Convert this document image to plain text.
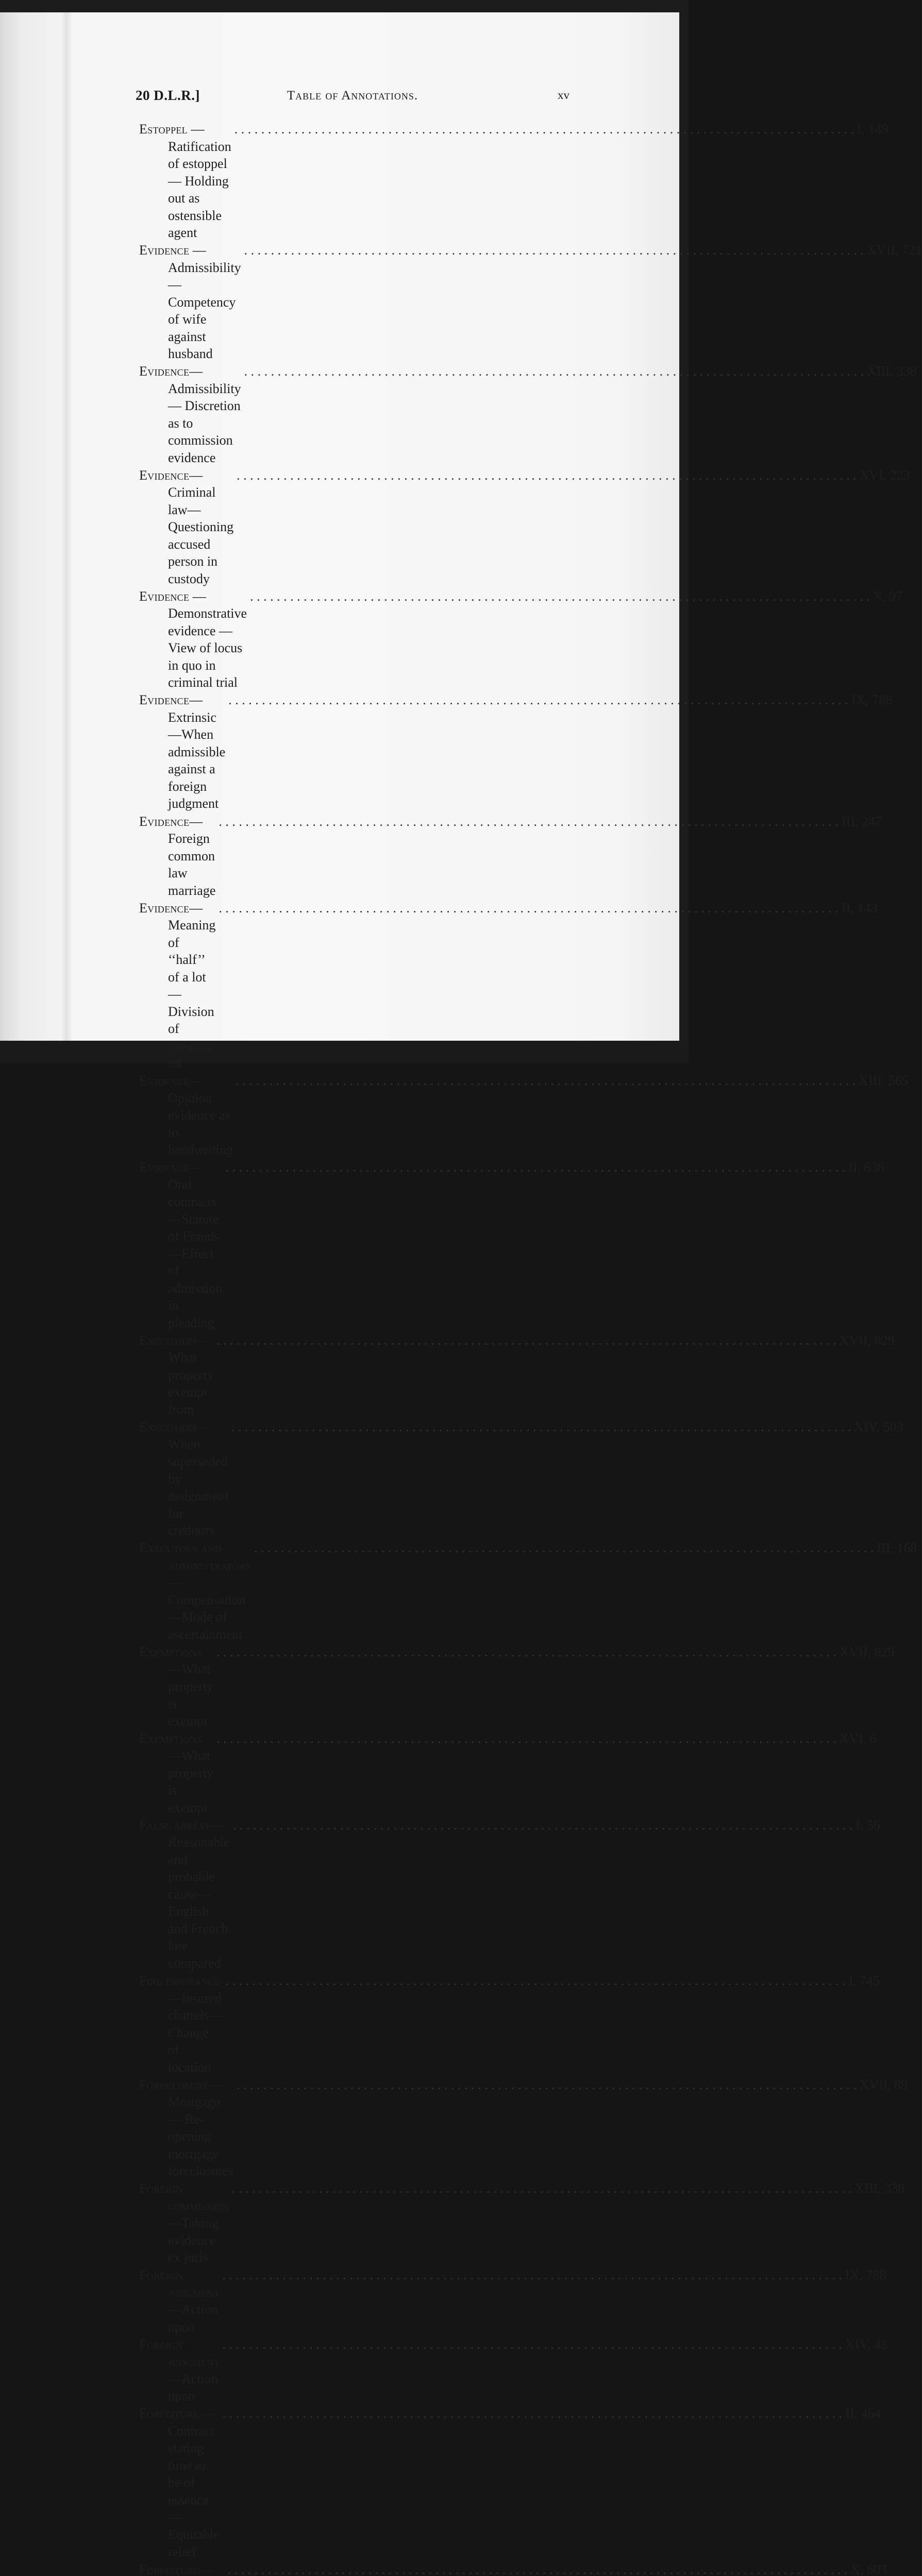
20 D.L.R.]	Table of Annotations.	xv
Estoppel — Ratification of estoppel — Holding out as ostensible agent
. . .
I, 149
Evidence — Admissibility — Competency of wife against husband
. . .
XVII, 721
Evidence—Admissibility — Discretion as to commission evidence
. . .
XIII, 338
Evidence—Criminal law—Questioning accused person in custody
. . .
XVI, 223
Evidence — Demonstrative evidence — View of locus in quo in criminal trial
. . .
X, 97
Evidence—Extrinsic—When admissible against a foreign judgment
. . .
IX, 788
Evidence—Foreign common law marriage
. . .
III, 247
Evidence—Meaning of ‘‘half’’ of a lot—Division of irregular lot
. . .
II, 143
Evidence—Opinion evidence as to handwriting
. . .
XIII, 565
Evidence—Oral contracts—Statute of Frauds—Effect of admission in pleading
. . .
II, 636
Execution—What property exempt from
. . .
XVII, 829
Execution—When superseded by assignment for creditors
. . .
XIV, 503
Executors and administrators—Compensation—Mode of ascertainment
. . .
III, 168
Exemptions—What property is exempt
. . .
XVII, 829
Exemptions—What property is exempt
. . .
XVI, 6
False arrest—Reasonable and probable cause—English and French law compared
. . .
I, 56
Fire insurance—Insured chattels—Change of location
. . .
I, 745
Foreclosure—Mortgage — Re-opening mortgage foreclosures
. . .
XVII, 89
Foreign commission—Taking evidence ex juris
. . .
XIII, 338
Foreign judgment—Action upon
. . .
IX, 788
Foreign judgment—Action upon
. . .
XIV, 43
Forfeiture — Contract stating time to be of essence — Equitable relief
. . .
II, 464
Forfeiture—
. . .	X, 603
